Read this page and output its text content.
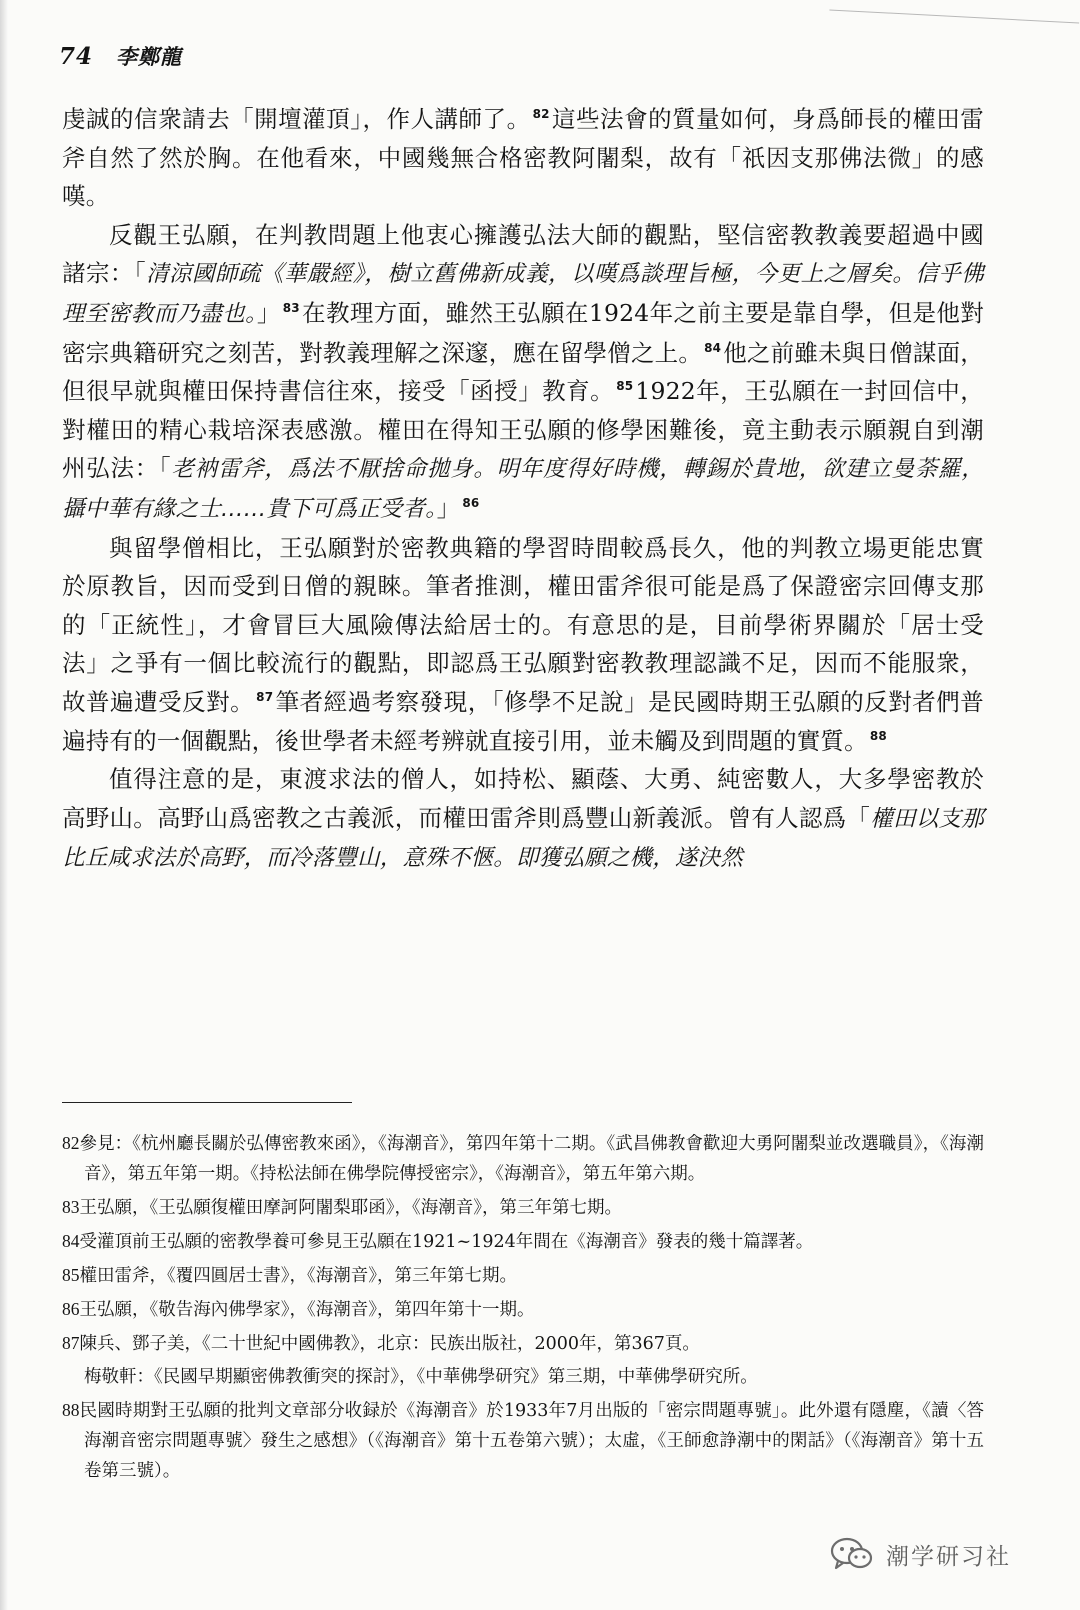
74 李鄭龍

虔誠的信衆請去「開壇灌頂」，作人講師了。 $^{82}$這些法會的質量如何，身爲師長的權田雷斧自然了然於胸。在他看來，中國幾無合格密教阿闍梨，故有「祇因支那佛法微」的感嘆。

反觀王弘願，在判教問題上他衷心擁護弘法大師的觀點，堅信密教教義要超過中國諸宗：「清涼國師疏《華嚴經》，樹立舊佛新成義，以嘆爲談理旨極，今更上之層矣。信乎佛理至密教而乃盡也。」 $^{83}$在教理方面，雖然王弘願在1924年之前主要是靠自學，但是他對密宗典籍研究之刻苦，對教義理解之深邃，應在留學僧之上。 $^{84}$他之前雖未與日僧謀面，但很早就與權田保持書信往來，接受「函授」教育。 $^{85}$1922年，王弘願在一封回信中，對權田的精心栽培深表感激。權田在得知王弘願的修學困難後，竟主動表示願親自到潮州弘法：「老衲雷斧，爲法不厭捨命拋身。明年度得好時機，轉錫於貴地，欲建立曼荼羅，攝中華有緣之士……貴下可爲正受者。」 $^{86}$

與留學僧相比，王弘願對於密教典籍的學習時間較爲長久，他的判教立場更能忠實於原教旨，因而受到日僧的親睞。筆者推測，權田雷斧很可能是爲了保證密宗回傳支那的「正統性」，才會冒巨大風險傳法給居士的。有意思的是，目前學術界關於「居士受法」之爭有一個比較流行的觀點，即認爲王弘願對密教教理認識不足，因而不能服衆，故普遍遭受反對。 $^{87}$筆者經過考察發現，「修學不足說」是民國時期王弘願的反對者們普遍持有的一個觀點，後世學者未經考辨就直接引用，並未觸及到問題的實質。 $^{88}$

值得注意的是，東渡求法的僧人，如持松、顯蔭、大勇、純密數人，大多學密教於高野山。高野山爲密教之古義派，而權田雷斧則爲豐山新義派。曾有人認爲「權田以支那比丘咸求法於高野，而冷落豐山，意殊不愜。即獲弘願之機，遂決然

82參見：《杭州廳長關於弘傳密教來函》，《海潮音》，第四年第十二期。《武昌佛教會歡迎大勇阿闍梨並改選職員》，《海潮音》，第五年第一期。《持松法師在佛學院傳授密宗》，《海潮音》，第五年第六期。

83王弘願，《王弘願復權田摩訶阿闍梨耶函》，《海潮音》，第三年第七期。

84受灌頂前王弘願的密教學養可參見王弘願在1921~1924年間在《海潮音》發表的幾十篇譯著。

85權田雷斧，《覆四圓居士書》，《海潮音》，第三年第七期。

86王弘願，《敬告海內佛學家》，《海潮音》，第四年第十一期。

87陳兵、鄧子美，《二十世紀中國佛教》，北京：民族出版社，2000年，第367頁。

梅敬軒：《民國早期顯密佛教衝突的探討》，《中華佛學研究》第三期，中華佛學研究所。

88民國時期對王弘願的批判文章部分收録於《海潮音》於1933年7月出版的「密宗問題專號」。此外還有隱塵，《讀〈答海潮音密宗問題專號〉發生之感想》（《海潮音》第十五卷第六號）；太虛，《王師愈諍潮中的閑話》（《海潮音》第十五卷第三號）。

潮学研习社
